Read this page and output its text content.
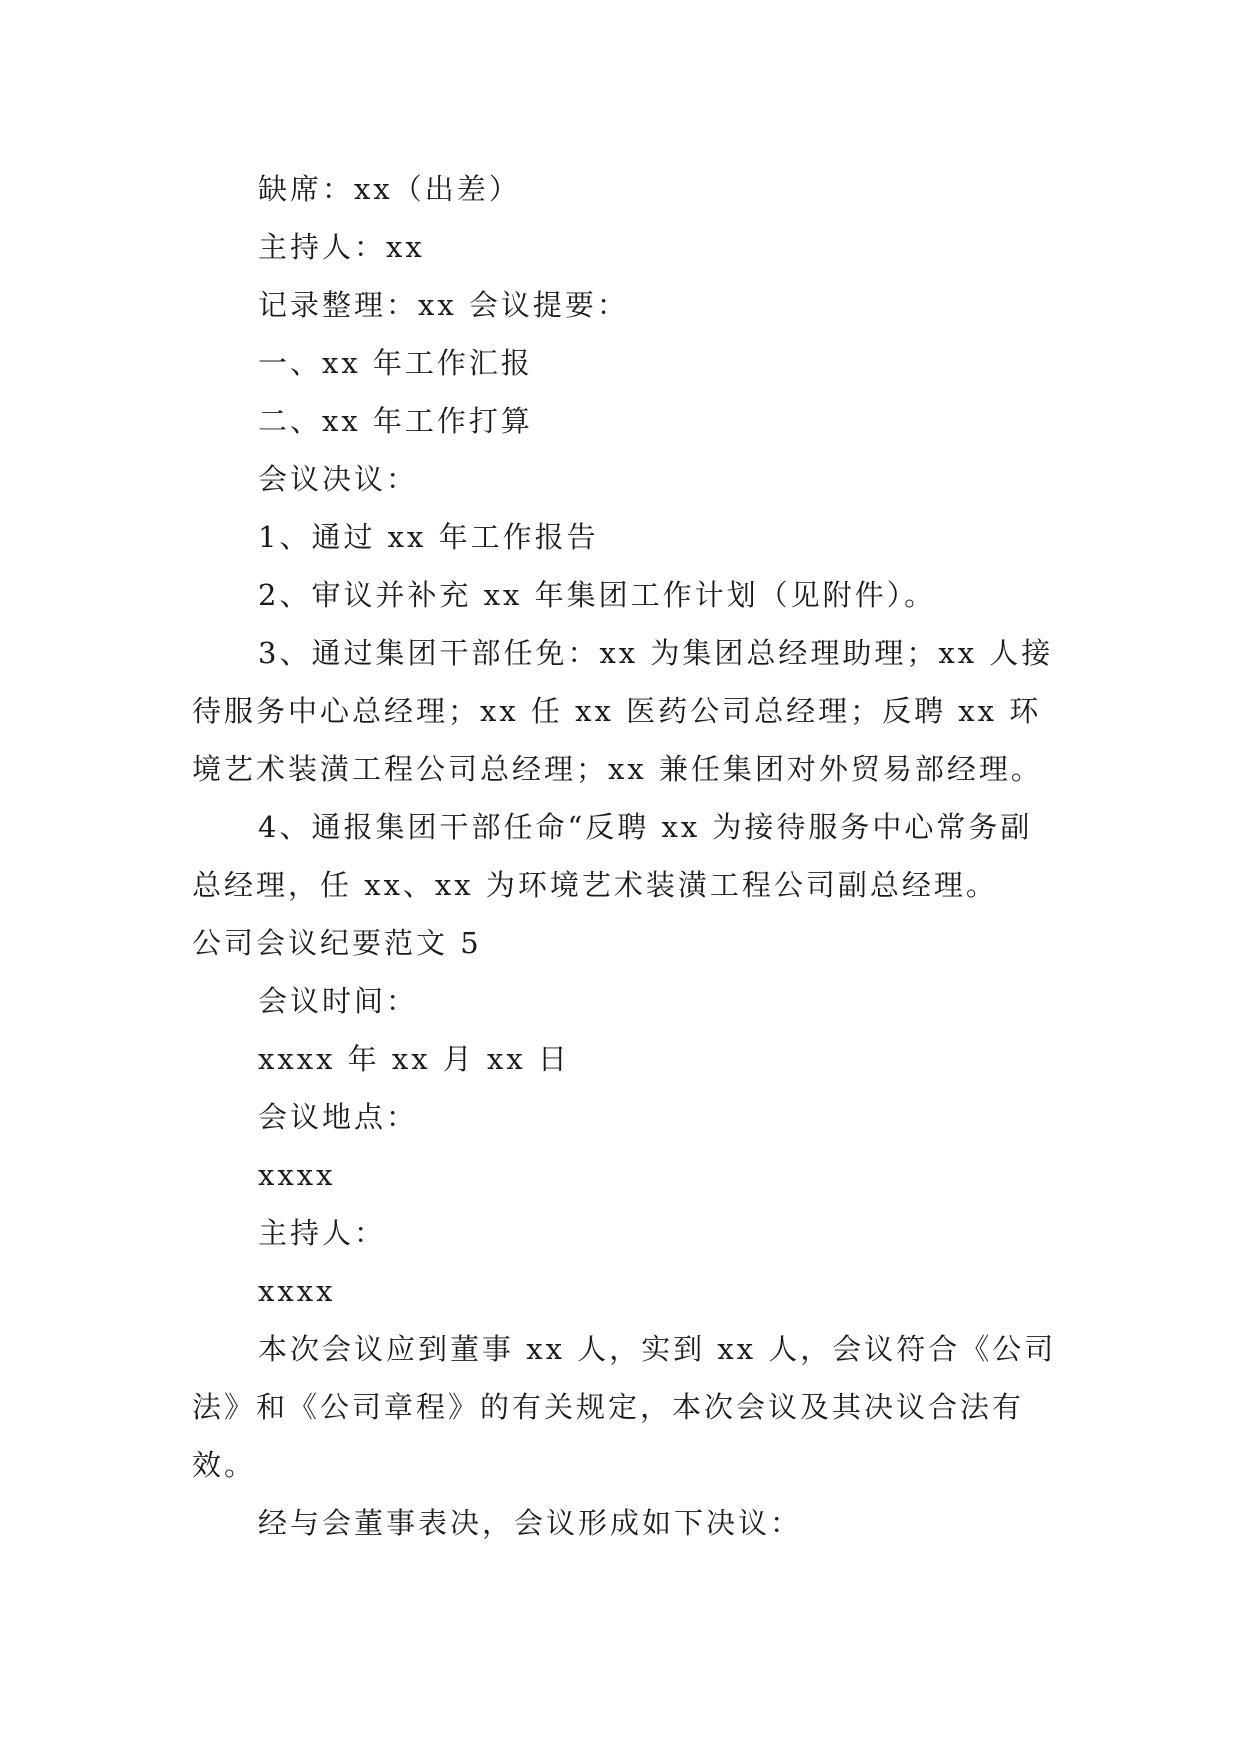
缺席：xx（出差）

主持人：xx

记录整理：xx 会议提要：

一、xx 年工作汇报

二、xx 年工作打算

会议决议：

1、通过 xx 年工作报告

2、审议并补充 xx 年集团工作计划（见附件）。

3、通过集团干部任免：xx 为集团总经理助理；xx 人接待服务中心总经理；xx 任 xx 医药公司总经理；反聘 xx 环境艺术装潢工程公司总经理；xx 兼任集团对外贸易部经理。

4、通报集团干部任命“反聘 xx 为接待服务中心常务副总经理，任 xx、xx 为环境艺术装潢工程公司副总经理。

公司会议纪要范文 5

会议时间：

xxxx 年 xx 月 xx 日

会议地点：

xxxx

主持人：

xxxx

本次会议应到董事 xx 人，实到 xx 人，会议符合《公司法》和《公司章程》的有关规定，本次会议及其决议合法有效。

经与会董事表决，会议形成如下决议：
